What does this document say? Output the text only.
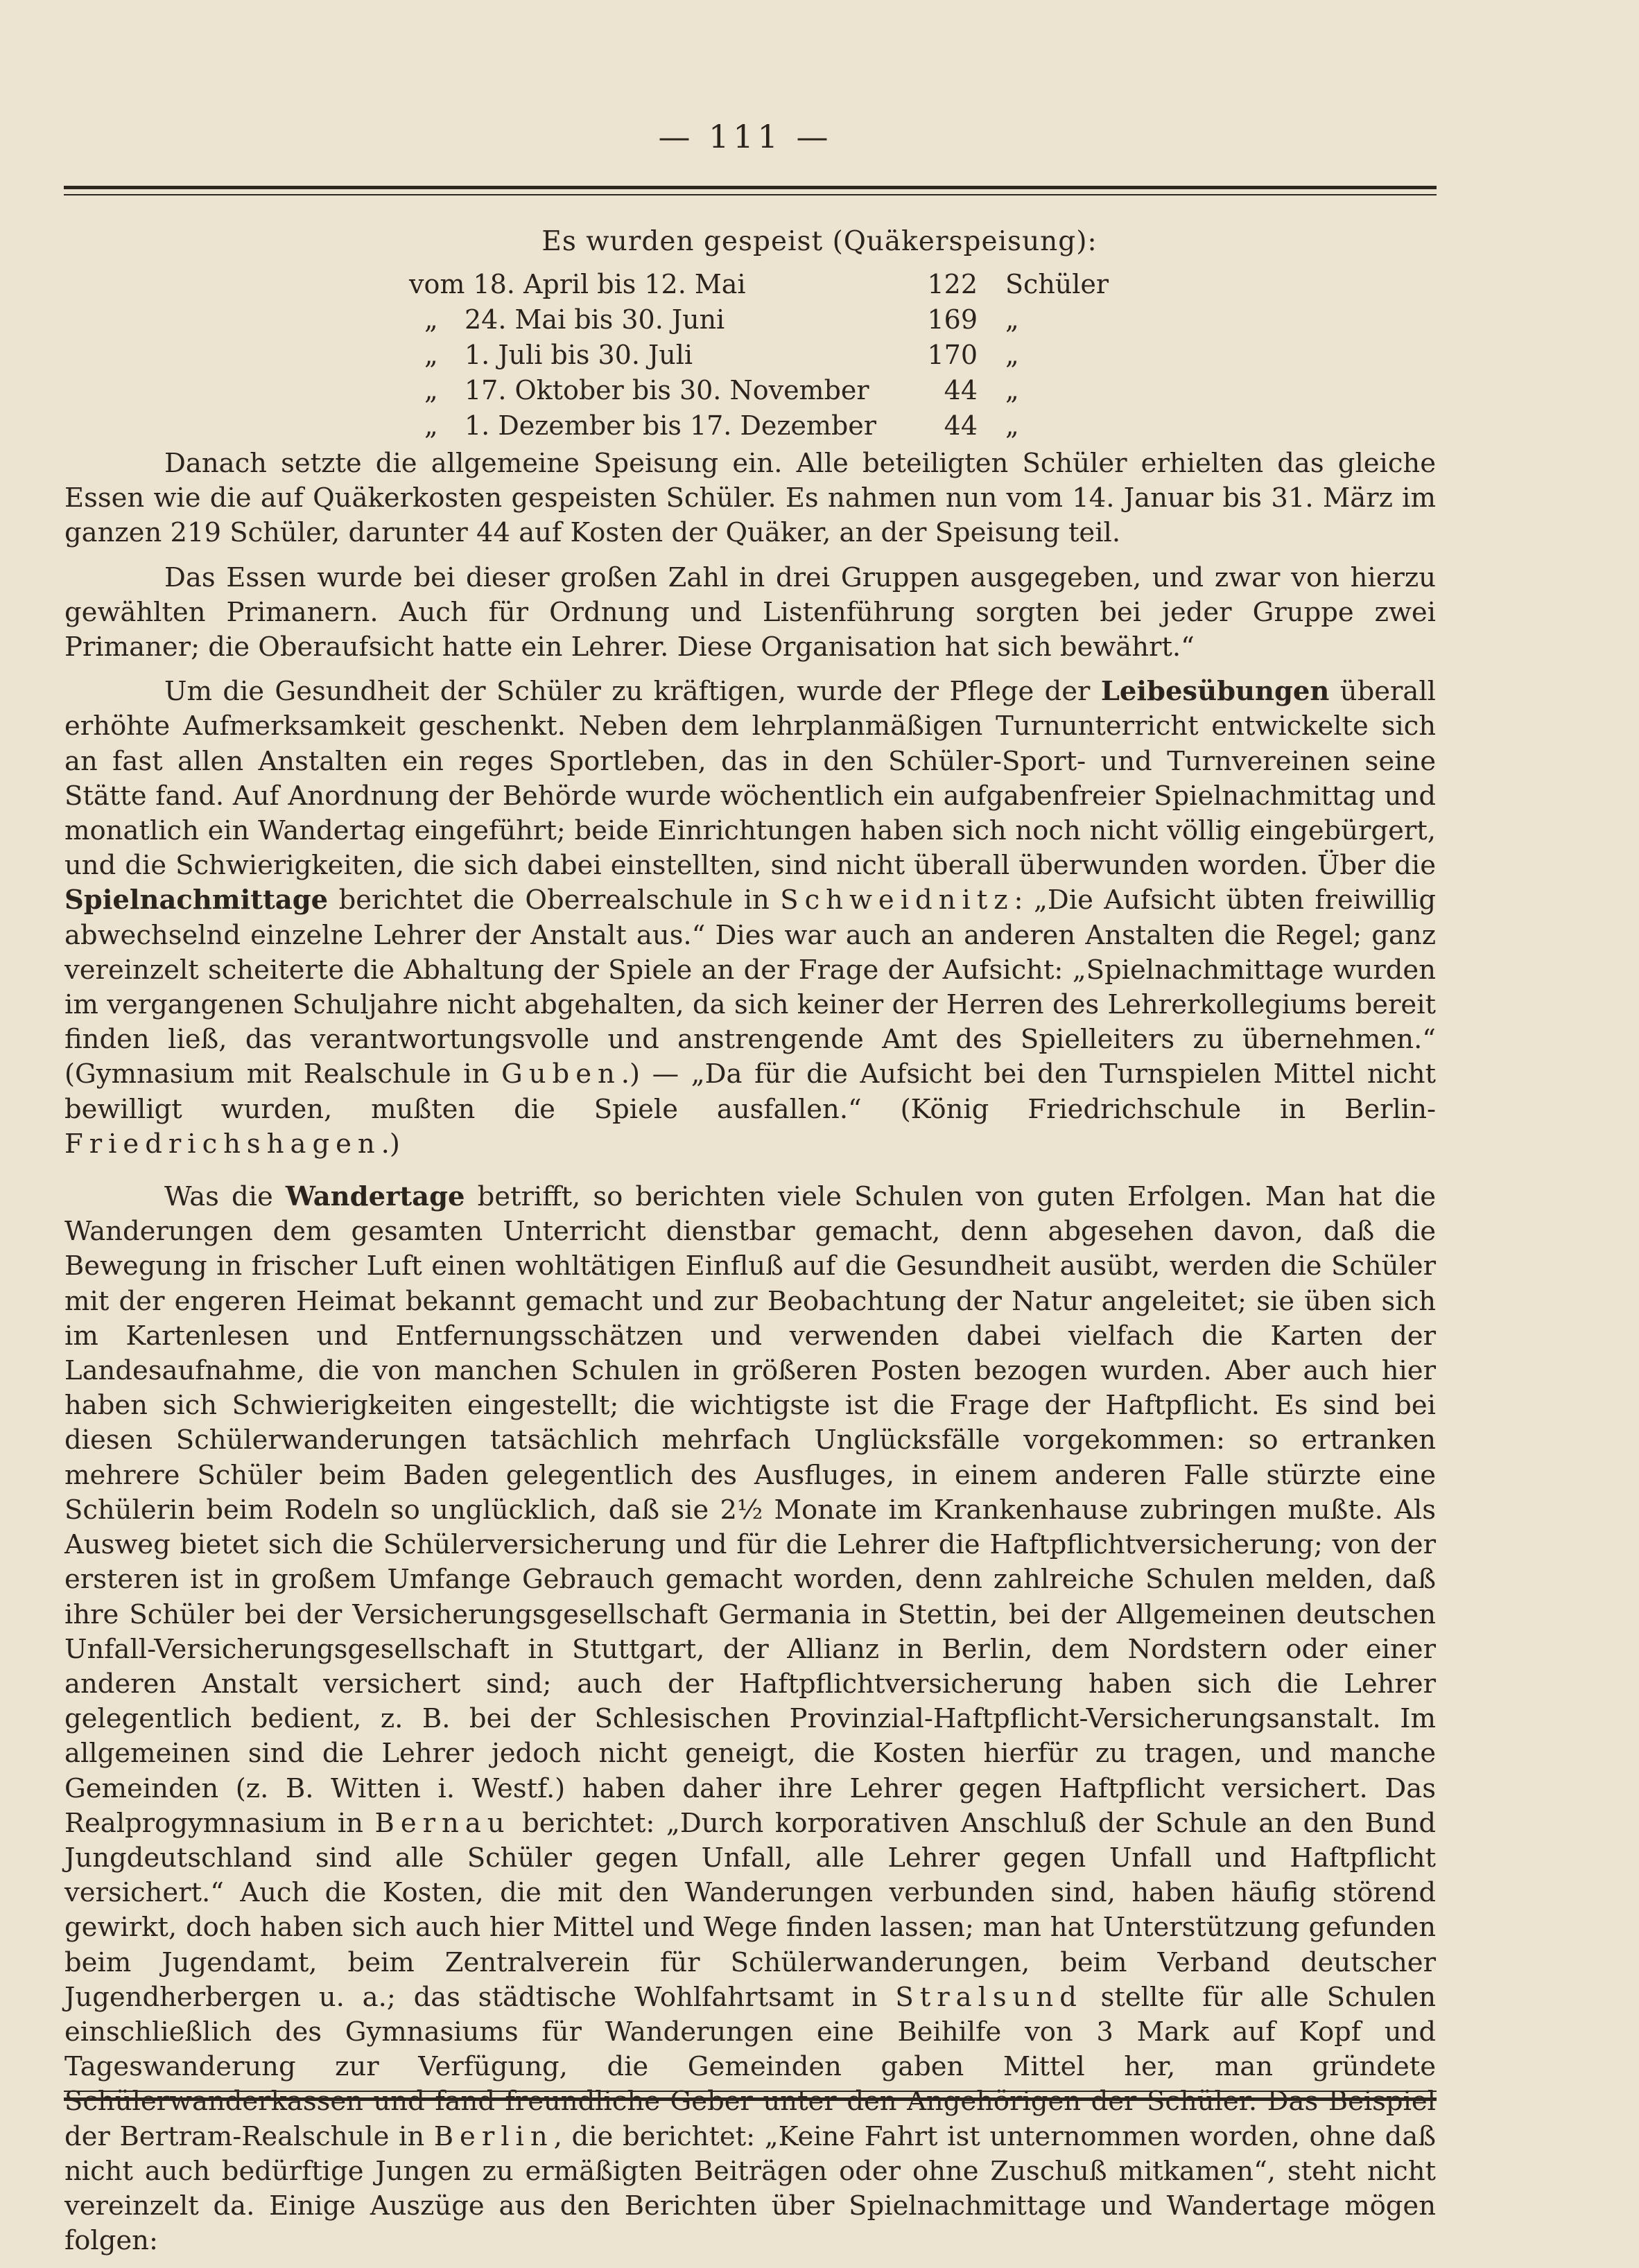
— 111 —
Es wurden gespeist (Quäkerspeisung):
vom 18. April bis 12. Mai	122 Schüler
„ 24. Mai bis 30. Juni	169 „
„ 1. Juli bis 30. Juli	170 „
„ 17. Oktober bis 30. November	44 „
„ 1. Dezember bis 17. Dezember	44 „

Danach setzte die allgemeine Speisung ein. Alle beteiligten Schüler erhielten das gleiche Essen wie die auf Quäkerkosten gespeisten Schüler. Es nahmen nun vom 14. Januar bis 31. März im ganzen 219 Schüler, darunter 44 auf Kosten der Quäker, an der Speisung teil.

Das Essen wurde bei dieser großen Zahl in drei Gruppen ausgegeben, und zwar von hierzu gewählten Primanern. Auch für Ordnung und Listenführung sorgten bei jeder Gruppe zwei Primaner; die Oberaufsicht hatte ein Lehrer. Diese Organisation hat sich bewährt.“

Um die Gesundheit der Schüler zu kräftigen, wurde der Pflege der Leibesübungen überall erhöhte Aufmerksamkeit geschenkt. Neben dem lehrplanmäßigen Turnunterricht entwickelte sich an fast allen Anstalten ein reges Sportleben, das in den Schüler-Sport- und Turnvereinen seine Stätte fand. Auf Anordnung der Behörde wurde wöchentlich ein aufgabenfreier Spielnachmittag und monatlich ein Wandertag eingeführt; beide Einrichtungen haben sich noch nicht völlig eingebürgert, und die Schwierigkeiten, die sich dabei einstellten, sind nicht überall überwunden worden. Über die Spielnachmittage berichtet die Oberrealschule in Schweidnitz: „Die Aufsicht übten freiwillig abwechselnd einzelne Lehrer der Anstalt aus.“ Dies war auch an anderen Anstalten die Regel; ganz vereinzelt scheiterte die Abhaltung der Spiele an der Frage der Aufsicht: „Spielnachmittage wurden im vergangenen Schuljahre nicht abgehalten, da sich keiner der Herren des Lehrerkollegiums bereit finden ließ, das verantwortungsvolle und anstrengende Amt des Spielleiters zu übernehmen.“ (Gymnasium mit Realschule in Guben.) — „Da für die Aufsicht bei den Turnspielen Mittel nicht bewilligt wurden, mußten die Spiele ausfallen.“ (König Friedrichschule in Berlin-Friedrichshagen.)

Was die Wandertage betrifft, so berichten viele Schulen von guten Erfolgen. Man hat die Wanderungen dem gesamten Unterricht dienstbar gemacht, denn abgesehen davon, daß die Bewegung in frischer Luft einen wohltätigen Einfluß auf die Gesundheit ausübt, werden die Schüler mit der engeren Heimat bekannt gemacht und zur Beobachtung der Natur angeleitet; sie üben sich im Kartenlesen und Entfernungsschätzen und verwenden dabei vielfach die Karten der Landesaufnahme, die von manchen Schulen in größeren Posten bezogen wurden. Aber auch hier haben sich Schwierigkeiten eingestellt; die wichtigste ist die Frage der Haftpflicht. Es sind bei diesen Schülerwanderungen tatsächlich mehrfach Unglücksfälle vorgekommen: so ertranken mehrere Schüler beim Baden gelegentlich des Ausfluges, in einem anderen Falle stürzte eine Schülerin beim Rodeln so unglücklich, daß sie 2½ Monate im Krankenhause zubringen mußte. Als Ausweg bietet sich die Schülerversicherung und für die Lehrer die Haftpflichtversicherung; von der ersteren ist in großem Umfange Gebrauch gemacht worden, denn zahlreiche Schulen melden, daß ihre Schüler bei der Versicherungsgesellschaft Germania in Stettin, bei der Allgemeinen deutschen Unfall-Versicherungsgesellschaft in Stuttgart, der Allianz in Berlin, dem Nordstern oder einer anderen Anstalt versichert sind; auch der Haftpflichtversicherung haben sich die Lehrer gelegentlich bedient, z. B. bei der Schlesischen Provinzial-Haftpflicht-Versicherungsanstalt. Im allgemeinen sind die Lehrer jedoch nicht geneigt, die Kosten hierfür zu tragen, und manche Gemeinden (z. B. Witten i. Westf.) haben daher ihre Lehrer gegen Haftpflicht versichert. Das Realprogymnasium in Bernau berichtet: „Durch korporativen Anschluß der Schule an den Bund Jungdeutschland sind alle Schüler gegen Unfall, alle Lehrer gegen Unfall und Haftpflicht versichert.“ Auch die Kosten, die mit den Wanderungen verbunden sind, haben häufig störend gewirkt, doch haben sich auch hier Mittel und Wege finden lassen; man hat Unterstützung gefunden beim Jugendamt, beim Zentralverein für Schülerwanderungen, beim Verband deutscher Jugendherbergen u. a.; das städtische Wohlfahrtsamt in Stralsund stellte für alle Schulen einschließlich des Gymnasiums für Wanderungen eine Beihilfe von 3 Mark auf Kopf und Tageswanderung zur Verfügung, die Gemeinden gaben Mittel her, man gründete Schülerwanderkassen und fand freundliche Geber unter den Angehörigen der Schüler. Das Beispiel der Bertram-Realschule in Berlin, die berichtet: „Keine Fahrt ist unternommen worden, ohne daß nicht auch bedürftige Jungen zu ermäßigten Beiträgen oder ohne Zuschuß mitkamen“, steht nicht vereinzelt da. Einige Auszüge aus den Berichten über Spielnachmittage und Wandertage mögen folgen:
